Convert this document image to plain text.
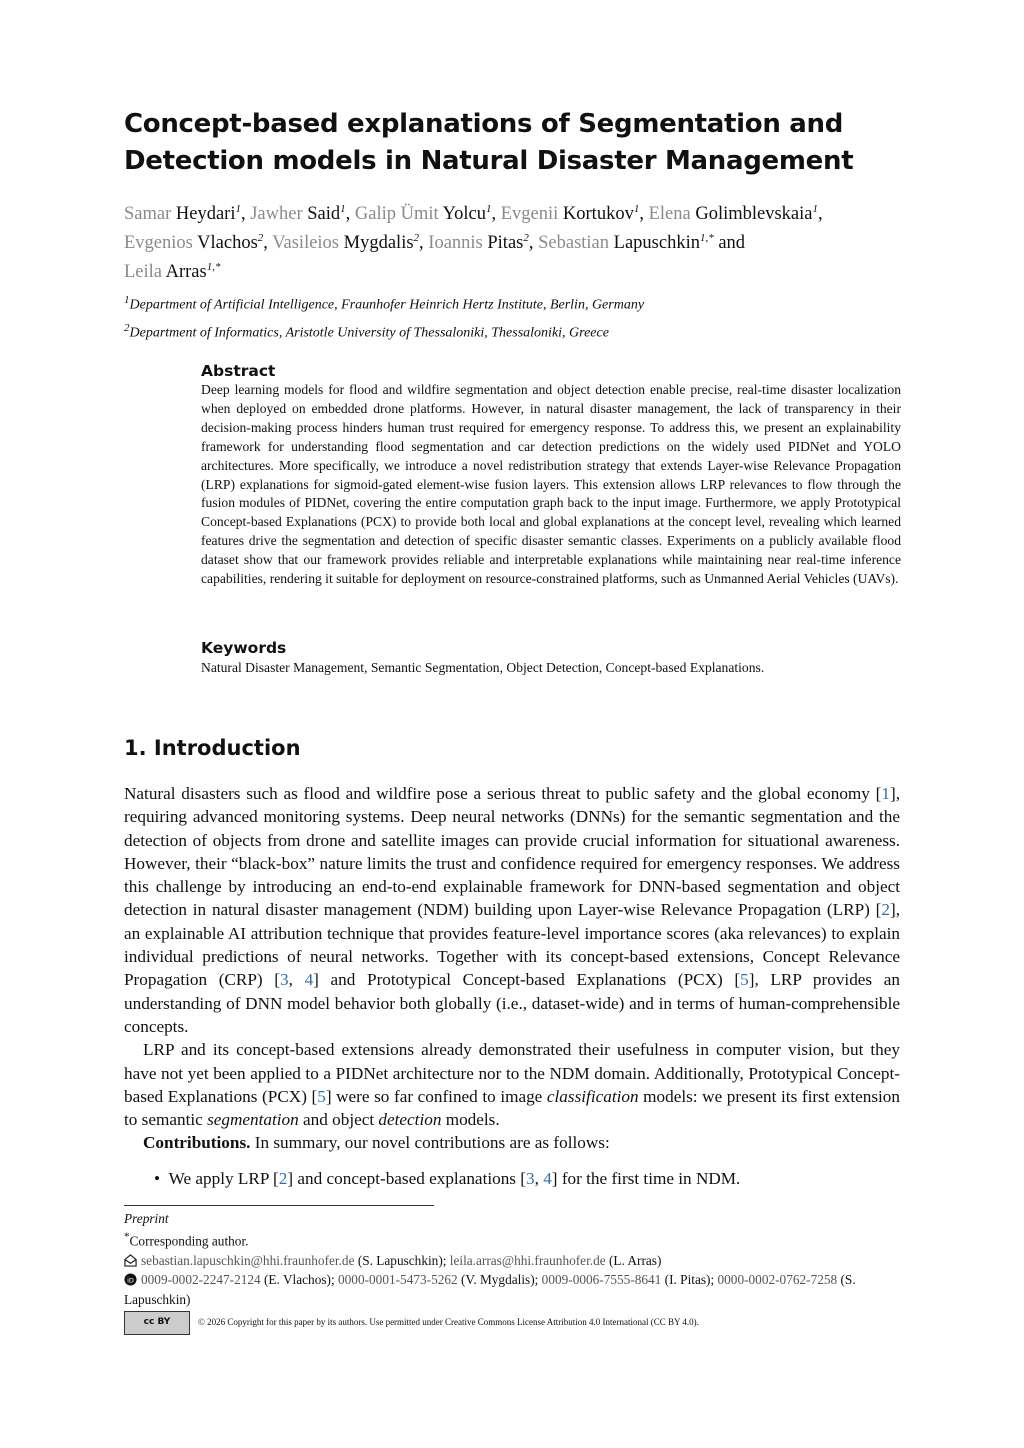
Concept-based explanations of Segmentation and Detection models in Natural Disaster Management
Samar Heydari$^1$, Jawher Said$^1$, Galip Ümit Yolcu$^1$, Evgenii Kortukov$^1$, Elena Golimblevskaia$^1$,
Evgenios Vlachos$^2$, Vasileios Mygdalis$^2$, Ioannis Pitas$^2$, Sebastian Lapuschkin$^{1,*}$ and
Leila Arras$^{1,*}$
$^1$Department of Artificial Intelligence, Fraunhofer Heinrich Hertz Institute, Berlin, Germany
$^2$Department of Informatics, Aristotle University of Thessaloniki, Thessaloniki, Greece
Abstract

Deep learning models for flood and wildfire segmentation and object detection enable precise, real-time disaster localization when deployed on embedded drone platforms. However, in natural disaster management, the lack of transparency in their decision-making process hinders human trust required for emergency response. To address this, we present an explainability framework for understanding flood segmentation and car detection predictions on the widely used PIDNet and YOLO architectures. More specifically, we introduce a novel redistribution strategy that extends Layer-wise Relevance Propagation (LRP) explanations for sigmoid-gated element-wise fusion layers. This extension allows LRP relevances to flow through the fusion modules of PIDNet, covering the entire computation graph back to the input image. Furthermore, we apply Prototypical Concept-based Explanations (PCX) to provide both local and global explanations at the concept level, revealing which learned features drive the segmentation and detection of specific disaster semantic classes. Experiments on a publicly available flood dataset show that our framework provides reliable and interpretable explanations while maintaining near real-time inference capabilities, rendering it suitable for deployment on resource-constrained platforms, such as Unmanned Aerial Vehicles (UAVs).

Keywords

Natural Disaster Management, Semantic Segmentation, Object Detection, Concept-based Explanations.

1. Introduction

Natural disasters such as flood and wildfire pose a serious threat to public safety and the global economy [1], requiring advanced monitoring systems. Deep neural networks (DNNs) for the semantic segmentation and the detection of objects from drone and satellite images can provide crucial information for situational awareness. However, their “black-box” nature limits the trust and confidence required for emergency responses. We address this challenge by introducing an end-to-end explainable framework for DNN-based segmentation and object detection in natural disaster management (NDM) building upon Layer-wise Relevance Propagation (LRP) [2], an explainable AI attribution technique that provides feature-level importance scores (aka relevances) to explain individual predictions of neural networks. Together with its concept-based extensions, Concept Relevance Propagation (CRP) [3, 4] and Prototypical Concept-based Explanations (PCX) [5], LRP provides an understanding of DNN model behavior both globally (i.e., dataset-wide) and in terms of human-comprehensible concepts.

LRP and its concept-based extensions already demonstrated their usefulness in computer vision, but they have not yet been applied to a PIDNet architecture nor to the NDM domain. Additionally, Prototypical Concept-based Explanations (PCX) [5] were so far confined to image classification models: we present its first extension to semantic segmentation and object detection models.

Contributions. In summary, our novel contributions are as follows:

•  We apply LRP [2] and concept-based explanations [3, 4] for the first time in NDM.
Preprint
*Corresponding author.
sebastian.lapuschkin@hhi.fraunhofer.de (S. Lapuschkin); leila.arras@hhi.fraunhofer.de (L. Arras)
iD 0009-0002-2247-2124 (E. Vlachos); 0000-0001-5473-5262 (V. Mygdalis); 0009-0006-7555-8641 (I. Pitas); 0000-0002-0762-7258 (S. Lapuschkin)
cc BY	© 2026 Copyright for this paper by its authors. Use permitted under Creative Commons License Attribution 4.0 International (CC BY 4.0).
